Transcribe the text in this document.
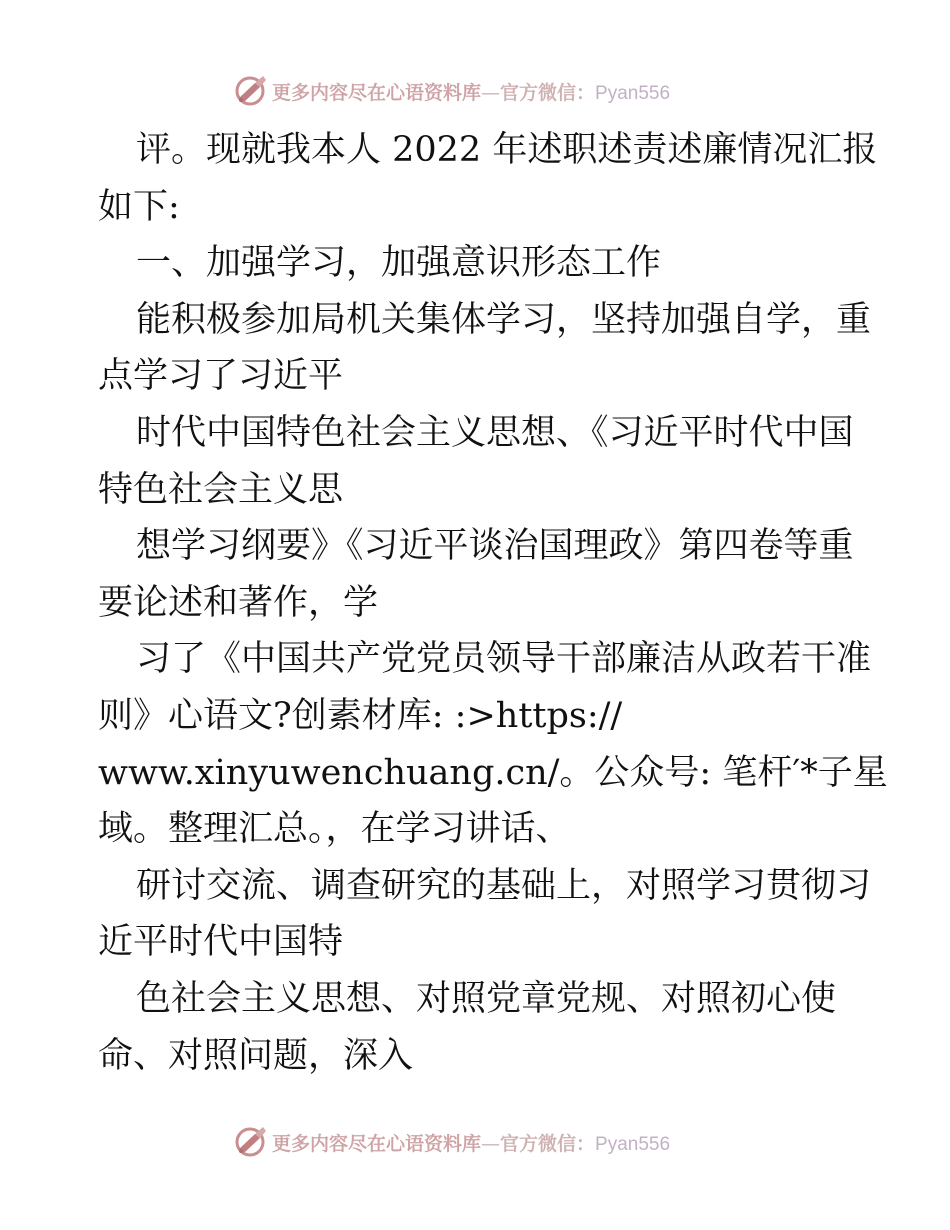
更多内容尽在心语资料库—官方微信：Pyan556

评。现就我本人 2022 年述职述责述廉情况汇报

如下:

一、加强学习，加强意识形态工作

能积极参加局机关集体学习，坚持加强自学，重

点学习了习近平

时代中国特色社会主义思想、《习近平时代中国

特色社会主义思

想学习纲要》《习近平谈治国理政》第四卷等重

要论述和著作，学

习了《中国共产党党员领导干部廉洁从政若干准

则》心语文?创素材库: :>https://

www.xinyuwenchuang.cn/。公众号: 笔杆′*子星

域。整理汇总。，在学习讲话、

研讨交流、调查研究的基础上，对照学习贯彻习

近平时代中国特

色社会主义思想、对照党章党规、对照初心使

命、对照问题，深入

更多内容尽在心语资料库—官方微信：Pyan556
